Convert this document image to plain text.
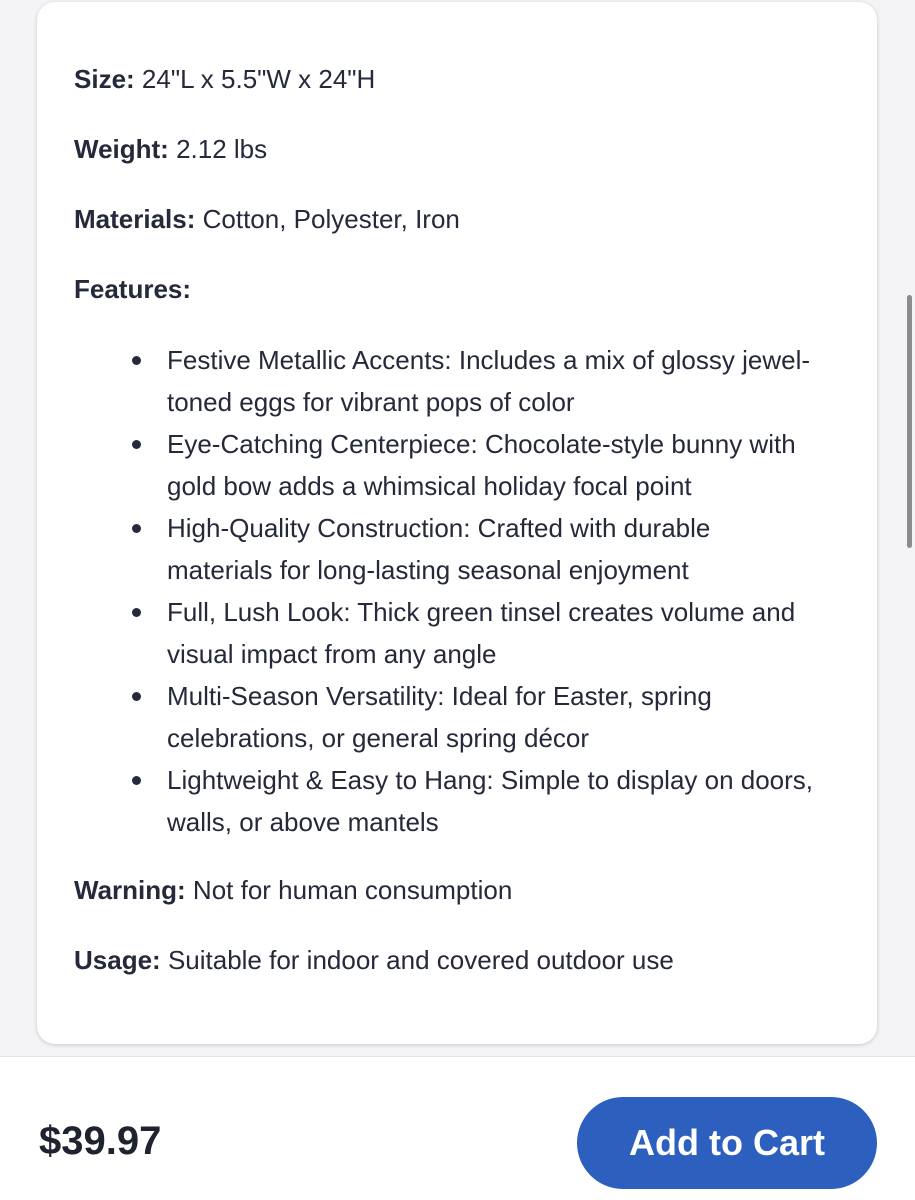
Size: 24"L x 5.5"W x 24"H

Weight: 2.12 lbs

Materials: Cotton, Polyester, Iron

Features:

Festive Metallic Accents: Includes a mix of glossy jewel-
toned eggs for vibrant pops of color
Eye-Catching Centerpiece: Chocolate-style bunny with
gold bow adds a whimsical holiday focal point
High-Quality Construction: Crafted with durable
materials for long-lasting seasonal enjoyment
Full, Lush Look: Thick green tinsel creates volume and
visual impact from any angle
Multi-Season Versatility: Ideal for Easter, spring
celebrations, or general spring décor
Lightweight & Easy to Hang: Simple to display on doors,
walls, or above mantels

Warning: Not for human consumption

Usage: Suitable for indoor and covered outdoor use

$39.97	Add to Cart
